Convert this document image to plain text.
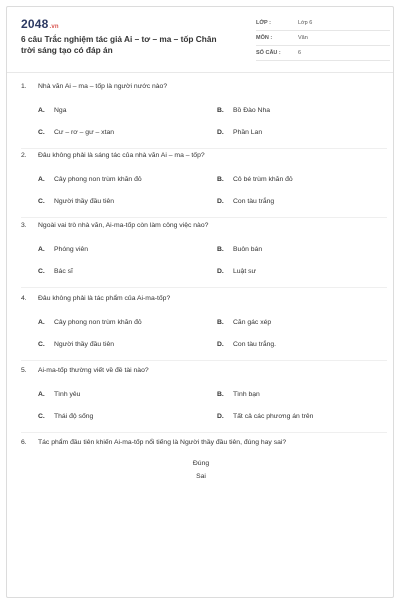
2048.vn
6 câu Trắc nghiệm tác giả Ai – tơ – ma – tốp Chân trời sáng tạo có đáp án
LỚP :	Lớp 6
MÔN :	Văn
SỐ CÂU :	6
1. Nhà văn Ai – ma – tốp là người nước nào?
A. Nga	B. Bồ Đào Nha
C. Cư – rơ – gư – xtan	D. Phần Lan
2. Đâu không phải là sáng tác của nhà văn Ai – ma – tốp?
A. Cây phong non trùm khăn đỏ	B. Cô bé trùm khăn đỏ
C. Người thầy đầu tiên	D. Con tàu trắng
3. Ngoài vai trò nhà văn, Ai-ma-tốp còn làm công việc nào?
A. Phóng viên	B. Buôn bán
C. Bác sĩ	D. Luật sư
4. Đâu không phải là tác phẩm của Ai-ma-tốp?
A. Cây phong non trùm khăn đỏ	B. Căn gác xép
C. Người thầy đầu tiên	D. Con tàu trắng.
5. Ai-ma-tốp thường viết về đề tài nào?
A. Tình yêu	B. Tình bạn
C. Thái độ sống	D. Tất cả các phương án trên
6. Tác phẩm đầu tiên khiến Ai-ma-tốp nổi tiếng là Người thầy đầu tiên, đúng hay sai?
Đúng
Sai
